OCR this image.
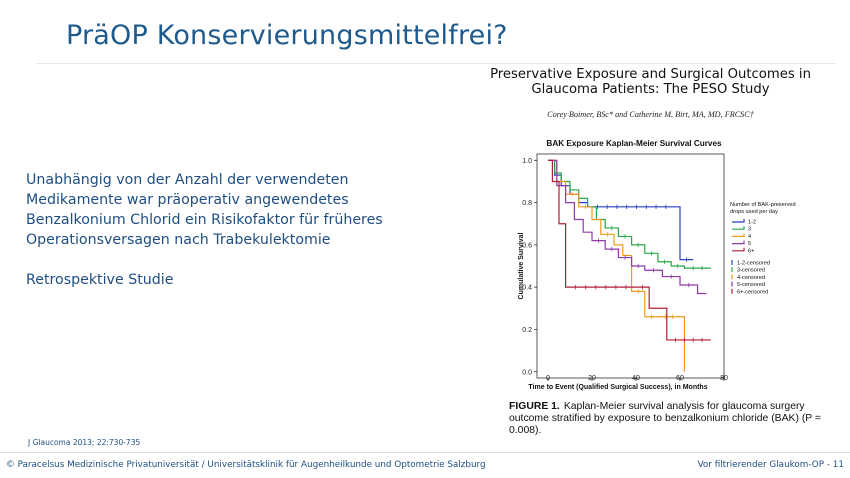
PräOP Konservierungsmittelfrei?
Unabhängig von der Anzahl der verwendeten Medikamente war präoperativ angewendetes Benzalkonium Chlorid ein Risikofaktor für früheres Operationsversagen nach Trabekulektomie
Retrospektive Studie
Preservative Exposure and Surgical Outcomes in
Glaucoma Patients: The PESO Study
Corey Boimer, BSc* and Catherine M. Birt, MA, MD, FRCSC†
BAK Exposure Kaplan-Meier Survival Curves
0.0
0.2
0.4
0.6
0.8
1.0
0	20	40	60	80
Time to Event (Qualified Surgical Success), in Months
Cumulative Survival
Number of BAK-preserved
drops used per day
1-2
3
4
5
6+
1-2-censored
3-censored
4-censored
5-censored
6+-censored
FIGURE 1. Kaplan-Meier survival analysis for glaucoma surgery outcome stratified by exposure to benzalkonium chloride (BAK) (P = 0.008).
J Glaucoma 2013; 22:730-735
© Paracelsus Medizinische Privatuniversität / Universitätsklinik für Augenheilkunde und Optometrie Salzburg	Vor filtrierender Glaukom-OP - 11
